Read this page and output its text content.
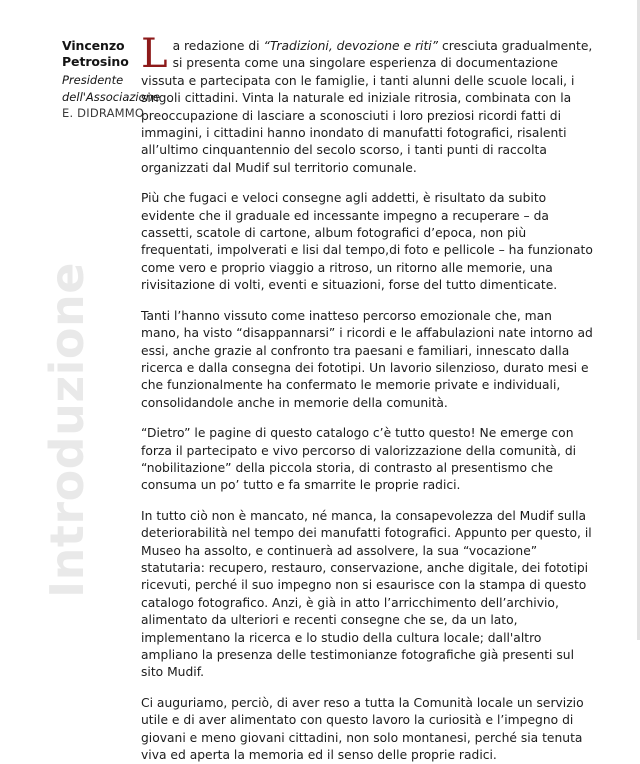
Vincenzo
Petrosino
Presidente
dell'Associazione
E. DIDRAMMO
Introduzione

La redazione di “Tradizioni, devozione e riti” cresciuta gradualmente, si presenta come una singolare esperienza di documentazione vissuta e partecipata con le famiglie, i tanti alunni delle scuole locali, i singoli cittadini. Vinta la naturale ed iniziale ritrosia, combinata con la preoccupazione di lasciare a sconosciuti i loro preziosi ricordi fatti di immagini, i cittadini hanno inondato di manufatti fotografici, risalenti all’ultimo cinquantennio del secolo scorso, i tanti punti di raccolta organizzati dal Mudif sul territorio comunale.

Più che fugaci e veloci consegne agli addetti, è risultato da subito evidente che il graduale ed incessante impegno a recuperare – da cassetti, scatole di cartone, album fotografici d’epoca, non più frequentati, impolverati e lisi dal tempo,di foto e pellicole – ha funzionato come vero e proprio viaggio a ritroso, un ritorno alle memorie, una rivisitazione di volti, eventi e situazioni, forse del tutto dimenticate.

Tanti l’hanno vissuto come inatteso percorso emozionale che, man mano, ha visto “disappannarsi” i ricordi e le affabulazioni nate intorno ad essi, anche grazie al confronto tra paesani e familiari, innescato dalla ricerca e dalla consegna dei fototipi. Un lavorio silenzioso, durato mesi e che funzionalmente ha confermato le memorie private e individuali, consolidandole anche in memorie della comunità.

“Dietro” le pagine di questo catalogo c’è tutto questo! Ne emerge con forza il partecipato e vivo percorso di valorizzazione della comunità, di “nobilitazione” della piccola storia, di contrasto al presentismo che consuma un po’ tutto e fa smarrite le proprie radici.

In tutto ciò non è mancato, né manca, la consapevolezza del Mudif sulla deteriorabilità nel tempo dei manufatti fotografici. Appunto per questo, il Museo ha assolto, e continuerà ad assolvere, la sua “vocazione” statutaria: recupero, restauro, conservazione, anche digitale, dei fototipi ricevuti, perché il suo impegno non si esaurisce con la stampa di questo catalogo fotografico. Anzi, è già in atto l’arricchimento dell’archivio, alimentato da ulteriori e recenti consegne che se, da un lato, implementano la ricerca e lo studio della cultura locale; dall'altro ampliano la presenza delle testimonianze fotografiche già presenti sul sito Mudif.

Ci auguriamo, perciò, di aver reso a tutta la Comunità locale un servizio utile e di aver alimentato con questo lavoro la curiosità e l’impegno di giovani e meno giovani cittadini, non solo montanesi, perché sia tenuta viva ed aperta la memoria ed il senso delle proprie radici.
